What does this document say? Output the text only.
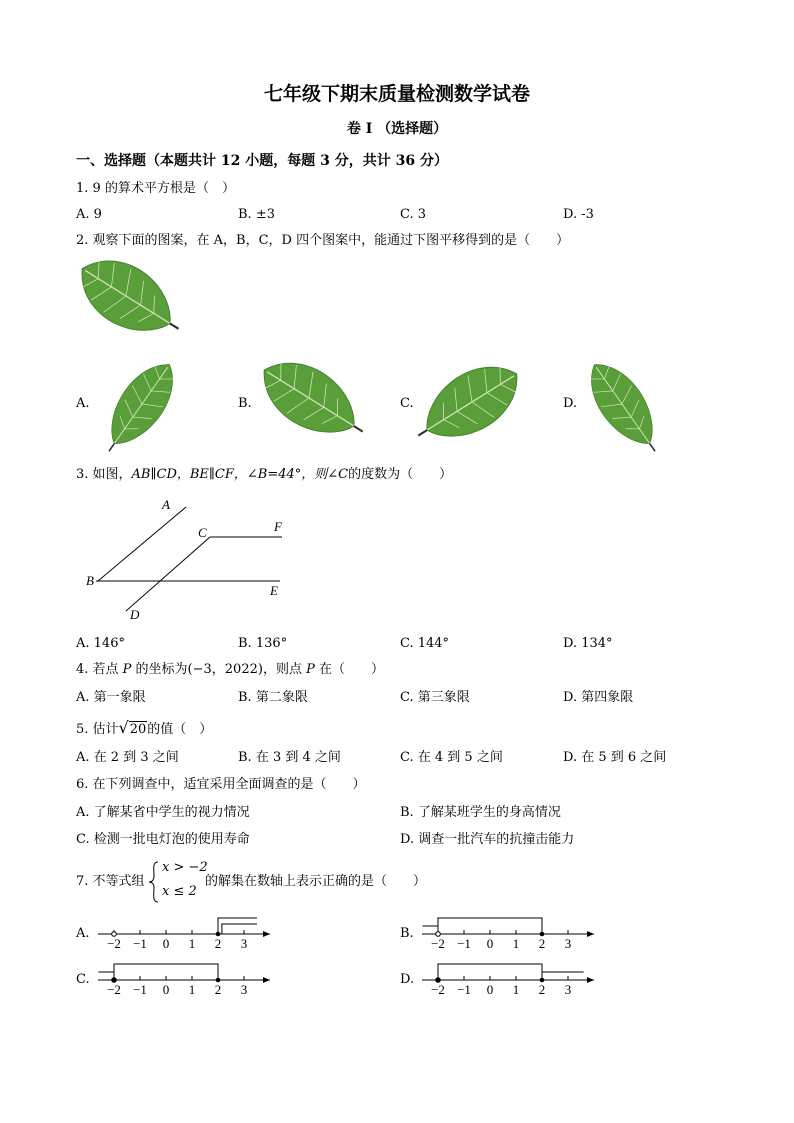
七年级下期末质量检测数学试卷
卷 I （选择题）
一、选择题（本题共计 12 小题，每题 3 分，共计 36 分）
1. 9 的算术平方根是（　）
A. 9	B. ±3	C. 3	D. -3
2. 观察下面的图案，在 A，B，C，D 四个图案中，能通过下图平移得到的是（　　）
A.	B.	C.	D.
3. 如图，AB∥CD，BE∥CF，∠B=44°，则∠C的度数为（　　）
A
B
C
D
E
F
A. 146°	B. 136°	C. 144°	D. 134°
4. 若点 P 的坐标为(−3，2022)，则点 P 在（　　）
A. 第一象限	B. 第二象限	C. 第三象限	D. 第四象限
5. 估计√20的值（　）
A. 在 2 到 3 之间	B. 在 3 到 4 之间	C. 在 4 到 5 之间	D. 在 5 到 6 之间
6. 在下列调查中，适宜采用全面调查的是（　　）
A. 了解某省中学生的视力情况	B. 了解某班学生的身高情况
C. 检测一批电灯泡的使用寿命	D. 调查一批汽车的抗撞击能力
7. 不等式组
x > −2
x ≤ 2
的解集在数轴上表示正确的是（　　）
A.
−2 −1 0 1 2 3
B.
−2 −1 0 1 2 3
C.
−2 −1 0 1 2 3
D.
−2 −1 0 1 2 3
